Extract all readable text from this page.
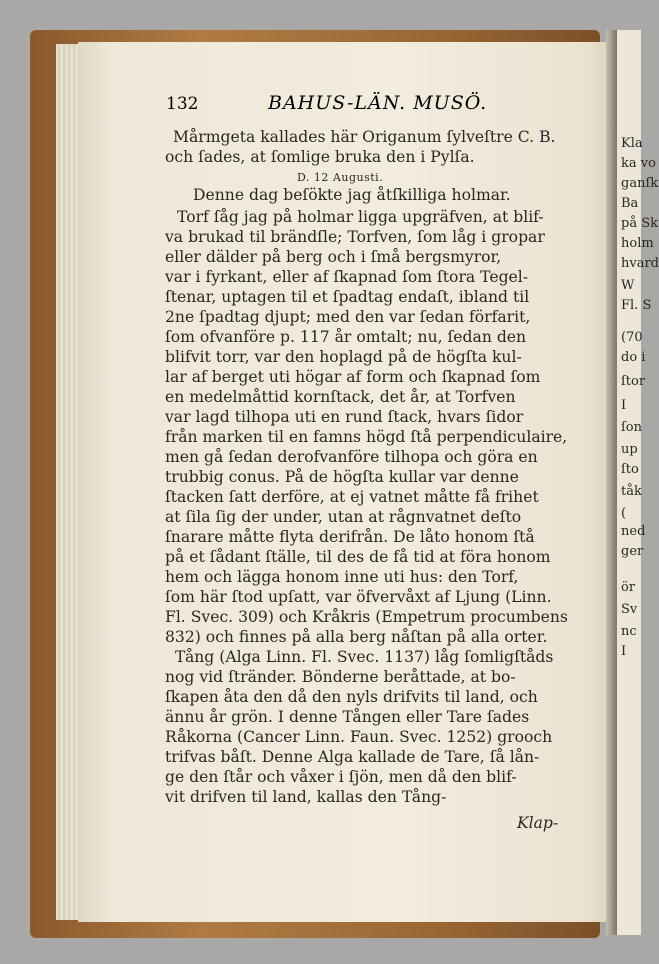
Kla
ka vo
ganſk
Ba
på Sk
holm
hvard
W
Fl. S
(70
do i
ſtor
I
ſon
up
ſto
tåk
(
ned
ger
ör
Sv
nc
I
132	BAHUS-LÄN. MUSÖ.
Mårmgeta kallades här Origanum ſylveſtre C. B.
och ſades, at ſomlige bruka den i Pylſa.
D. 12 Augusti.
Denne dag beſökte jag åtſkilliga holmar.
Torf ſåg jag på holmar ligga upgräfven, at blif-
va brukad til brändſle; Torfven, ſom låg i gropar
eller dälder på berg och i ſmå bergsmyror,
var i fyrkant, eller af ſkapnad ſom ſtora Tegel-
ſtenar, uptagen til et ſpadtag endaſt, ibland til
2ne ſpadtag djupt; med den var ſedan förfarit,
ſom ofvanföre p. 117 år omtalt; nu, ſedan den
blifvit torr, var den hoplagd på de högſta kul-
lar af berget uti högar af form och ſkapnad ſom
en medelmåttid kornſtack, det år, at Torfven
var lagd tilhopa uti en rund ſtack, hvars ſidor
från marken til en famns högd ſtå perpendiculaire,
men gå ſedan derofvanföre tilhopa och göra en
trubbig conus. På de högſta kullar var denne
ſtacken ſatt derföre, at ej vatnet måtte få frihet
at ſila ſig der under, utan at rågnvatnet deſto
ſnarare måtte flyta derifrån. De låto honom ſtå
på et ſådant ſtälle, til des de få tid at föra honom
hem och lägga honom inne uti hus: den Torf,
ſom här ſtod upſatt, var öfvervåxt af Ljung (Linn.
Fl. Svec. 309) och Kråkris (Empetrum procumbens
832) och finnes på alla berg nåſtan på alla orter.
Tång (Alga Linn. Fl. Svec. 1137) låg ſomligſtåds
nog vid ſtränder. Bönderne beråttade, at bo-
ſkapen åta den då den nyls drifvits til land, och
ännu år grön. I denne Tången eller Tare ſades
Råkorna (Cancer Linn. Faun. Svec. 1252) grooch
trifvas båſt. Denne Alga kallade de Tare, ſå lån-
ge den ſtår och våxer i ſjön, men då den blif-
vit drifven til land, kallas den Tång-
Klap-
